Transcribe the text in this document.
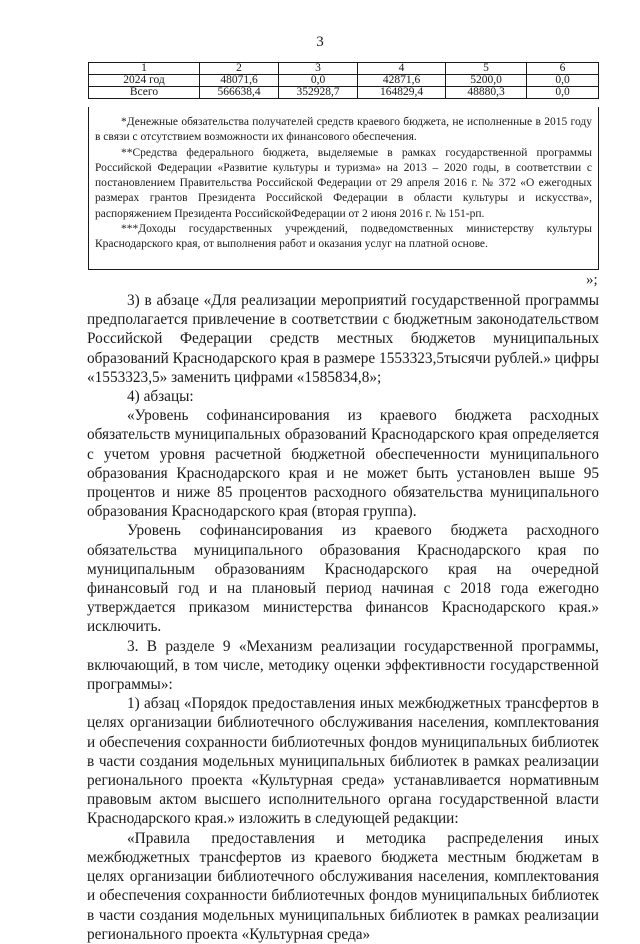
3
1	2	3	4	5	6
2024 год	48071,6	0,0	42871,6	5200,0	0,0
Всего	566638,4	352928,7	164829,4	48880,3	0,0

*Денежные обязательства получателей средств краевого бюджета, не исполненные в 2015 году в связи с отсутствием возможности их финансового обеспечения.

**Средства федерального бюджета, выделяемые в рамках государственной программы Российской Федерации «Развитие культуры и туризма» на 2013 – 2020 годы, в соответствии с постановлением Правительства Российской Федерации от 29 апреля 2016 г. № 372 «О ежегодных размерах грантов Президента Российской Федерации в области культуры и искусства», распоряжением Президента РоссийскойФедерации от 2 июня 2016 г. № 151-рп.

***Доходы государственных учреждений, подведомственных министерству культуры Краснодарского края, от выполнения работ и оказания услуг на платной основе.

»;

3) в абзаце «Для реализации мероприятий государственной программы предполагается привлечение в соответствии с бюджетным законодательством Российской Федерации средств местных бюджетов муниципальных образований Краснодарского края в размере 1553323,5тысячи рублей.» цифры «1553323,5» заменить цифрами «1585834,8»;

4) абзацы:

«Уровень софинансирования из краевого бюджета расходных обязательств муниципальных образований Краснодарского края определяется с учетом уровня расчетной бюджетной обеспеченности муниципального образования Краснодарского края и не может быть установлен выше 95 процентов и ниже 85 процентов расходного обязательства муниципального образования Краснодарского края (вторая группа).

Уровень софинансирования из краевого бюджета расходного обязательства муниципального образования Краснодарского края по муниципальным образованиям Краснодарского края на очередной финансовый год и на плановый период начиная с 2018 года ежегодно утверждается приказом министерства финансов Краснодарского края.» исключить.

3. В разделе 9 «Механизм реализации государственной программы, включающий, в том числе, методику оценки эффективности государственной программы»:

1) абзац «Порядок предоставления иных межбюджетных трансфертов в целях организации библиотечного обслуживания населения, комплектования и обеспечения сохранности библиотечных фондов муниципальных библиотек в части создания модельных муниципальных библиотек в рамках реализации регионального проекта «Культурная среда» устанавливается нормативным правовым актом высшего исполнительного органа государственной власти Краснодарского края.» изложить в следующей редакции:

«Правила предоставления и методика распределения иных межбюджетных трансфертов из краевого бюджета местным бюджетам в целях организации библиотечного обслуживания населения, комплектования и обеспечения сохранности библиотечных фондов муниципальных библиотек в части создания модельных муниципальных библиотек в рамках реализации регионального проекта «Культурная среда»
